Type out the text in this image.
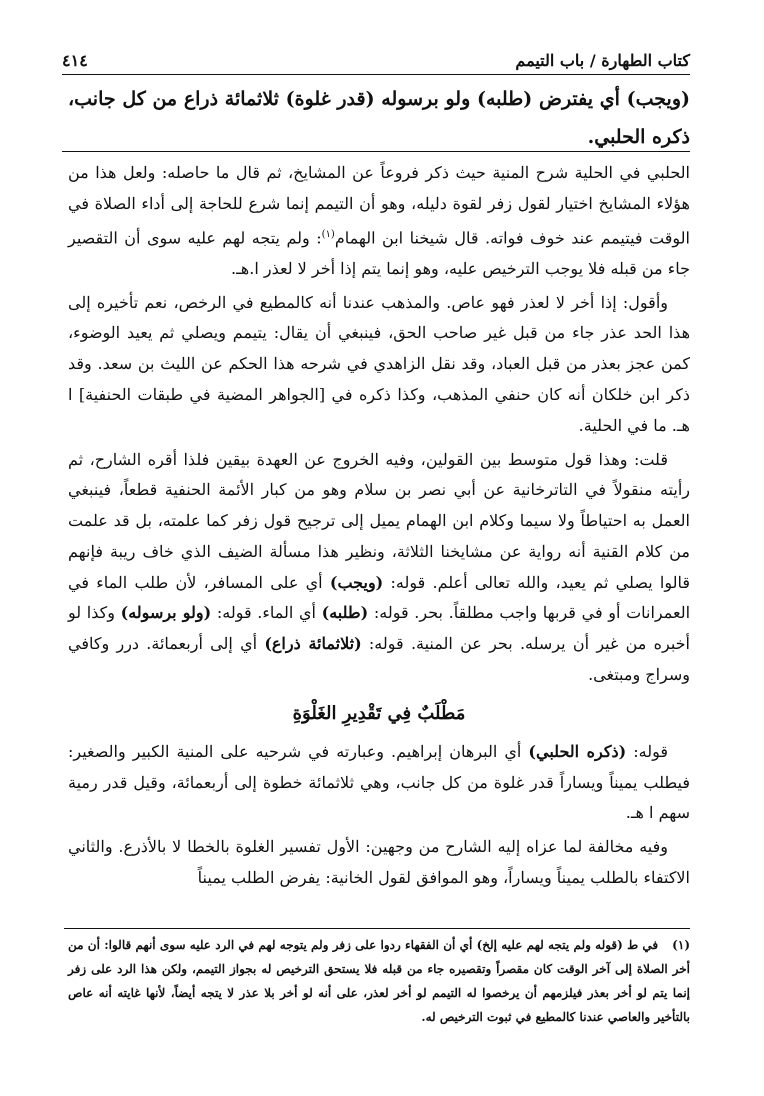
كتاب الطهارة / باب التيمم
٤١٤
(ويجب) أي يفترض (طلبه) ولو برسوله (قدر غلوة) ثلاثمائة ذراع من كل جانب، ذكره الحلبي.

الحلبي في الحلية شرح المنية حيث ذكر فروعاً عن المشايخ، ثم قال ما حاصله: ولعل هذا من هؤلاء المشايخ اختيار لقول زفر لقوة دليله، وهو أن التيمم إنما شرع للحاجة إلى أداء الصلاة في الوقت فيتيمم عند خوف فواته. قال شيخنا ابن الهمام$^{(١)}$: ولم يتجه لهم عليه سوى أن التقصير جاء من قبله فلا يوجب الترخيص عليه، وهو إنما يتم إذا أخر لا لعذر ا.هـ.

وأقول: إذا أخر لا لعذر فهو عاص. والمذهب عندنا أنه كالمطيع في الرخص، نعم تأخيره إلى هذا الحد عذر جاء من قبل غير صاحب الحق، فينبغي أن يقال: يتيمم ويصلي ثم يعيد الوضوء، كمن عجز بعذر من قبل العباد، وقد نقل الزاهدي في شرحه هذا الحكم عن الليث بن سعد. وقد ذكر ابن خلكان أنه كان حنفي المذهب، وكذا ذكره في [الجواهر المضية في طبقات الحنفية] ا هـ. ما في الحلية.

قلت: وهذا قول متوسط بين القولين، وفيه الخروج عن العهدة بيقين فلذا أقره الشارح، ثم رأيته منقولاً في التاترخانية عن أبي نصر بن سلام وهو من كبار الأئمة الحنفية قطعاً، فينبغي العمل به احتياطاً ولا سيما وكلام ابن الهمام يميل إلى ترجيح قول زفر كما علمته، بل قد علمت من كلام القنية أنه رواية عن مشايخنا الثلاثة، ونظير هذا مسألة الضيف الذي خاف ريبة فإنهم قالوا يصلي ثم يعيد، والله تعالى أعلم. قوله: (ويجب) أي على المسافر، لأن طلب الماء في العمرانات أو في قربها واجب مطلقاً. بحر. قوله: (طلبه) أي الماء. قوله: (ولو برسوله) وكذا لو أخبره من غير أن يرسله. بحر عن المنية. قوله: (ثلاثمائة ذراع) أي إلى أربعمائة. درر وكافي وسراج ومبتغى.

مَطْلَبٌ فِي تَقْدِيرِ الغَلْوَةِ

قوله: (ذكره الحلبي) أي البرهان إبراهيم. وعبارته في شرحيه على المنية الكبير والصغير: فيطلب يميناً ويساراً قدر غلوة من كل جانب، وهي ثلاثمائة خطوة إلى أربعمائة، وقيل قدر رمية سهم ا هـ.

وفيه مخالفة لما عزاه إليه الشارح من وجهين: الأول تفسير الغلوة بالخطا لا بالأذرع. والثاني الاكتفاء بالطلب يميناً ويساراً، وهو الموافق لقول الخانية: يفرض الطلب يميناً

(١)في ط (قوله ولم يتجه لهم عليه إلخ) أي أن الفقهاء ردوا على زفر ولم يتوجه لهم في الرد عليه سوى أنهم قالوا: أن من أخر الصلاة إلى آخر الوقت كان مقصراً وتقصيره جاء من قبله فلا يستحق الترخيص له بجواز التيمم، ولكن هذا الرد على زفر إنما يتم لو أخر بعذر فيلزمهم أن يرخصوا له التيمم لو أخر لعذر، على أنه لو أخر بلا عذر لا يتجه أيضاً، لأنها غايته أنه عاص بالتأخير والعاصي عندنا كالمطيع في ثبوت الترخيص له.
